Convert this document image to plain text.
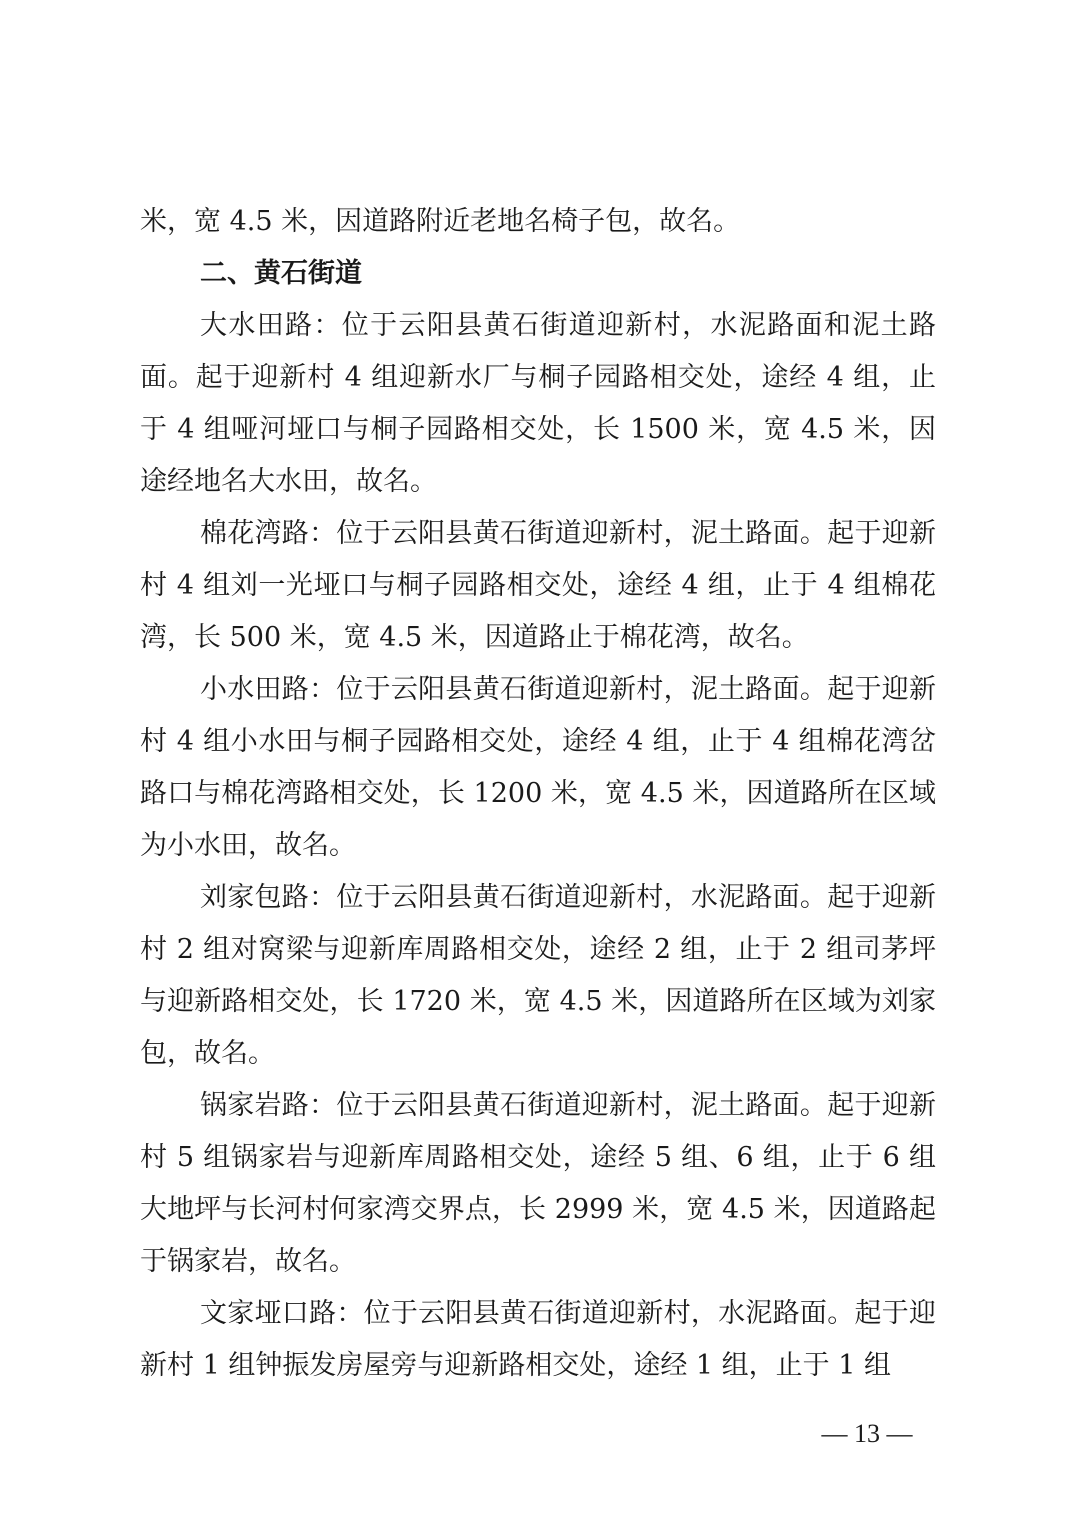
米，宽 4.5 米，因道路附近老地名椅子包，故名。

二、黄石街道

大水田路：位于云阳县黄石街道迎新村，水泥路面和泥土路面。起于迎新村 4 组迎新水厂与桐子园路相交处，途经 4 组，止于 4 组哑河垭口与桐子园路相交处，长 1500 米，宽 4.5 米，因途经地名大水田，故名。

棉花湾路：位于云阳县黄石街道迎新村，泥土路面。起于迎新村 4 组刘一光垭口与桐子园路相交处，途经 4 组，止于 4 组棉花湾，长 500 米，宽 4.5 米，因道路止于棉花湾，故名。

小水田路：位于云阳县黄石街道迎新村，泥土路面。起于迎新村 4 组小水田与桐子园路相交处，途经 4 组，止于 4 组棉花湾岔路口与棉花湾路相交处，长 1200 米，宽 4.5 米，因道路所在区域为小水田，故名。

刘家包路：位于云阳县黄石街道迎新村，水泥路面。起于迎新村 2 组对窝梁与迎新库周路相交处，途经 2 组，止于 2 组司茅坪与迎新路相交处，长 1720 米，宽 4.5 米，因道路所在区域为刘家包，故名。

锅家岩路：位于云阳县黄石街道迎新村，泥土路面。起于迎新村 5 组锅家岩与迎新库周路相交处，途经 5 组、6 组，止于 6 组大地坪与长河村何家湾交界点，长 2999 米，宽 4.5 米，因道路起于锅家岩，故名。

文家垭口路：位于云阳县黄石街道迎新村，水泥路面。起于迎新村 1 组钟振发房屋旁与迎新路相交处，途经 1 组，止于 1 组

— 13 —
